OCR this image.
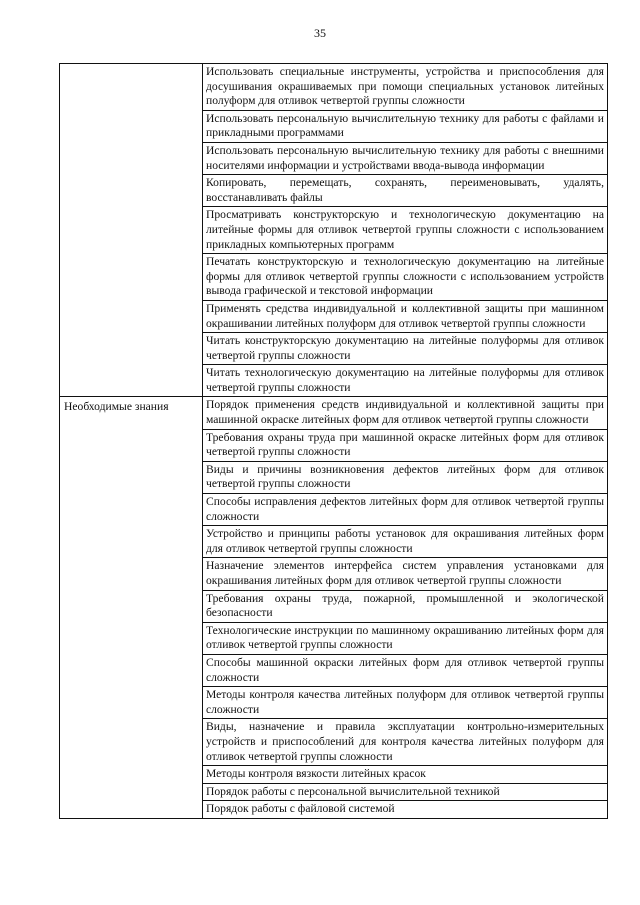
35
	Использовать специальные инструменты, устройства и приспособления для досушивания окрашиваемых при помощи специальных установок литейных полуформ для отливок четвертой группы сложности
	Использовать персональную вычислительную технику для работы с файлами и прикладными программами
	Использовать персональную вычислительную технику для работы с внешними носителями информации и устройствами ввода-вывода информации
	Копировать, перемещать, сохранять, переименовывать, удалять, восстанавливать файлы
	Просматривать конструкторскую и технологическую документацию на литейные формы для отливок четвертой группы сложности с использованием прикладных компьютерных программ
	Печатать конструкторскую и технологическую документацию на литейные формы для отливок четвертой группы сложности с использованием устройств вывода графической и текстовой информации
	Применять средства индивидуальной и коллективной защиты при машинном окрашивании литейных полуформ для отливок четвертой группы сложности
	Читать конструкторскую документацию на литейные полуформы для отливок четвертой группы сложности
	Читать технологическую документацию на литейные полуформы для отливок четвертой группы сложности
Необходимые знания	Порядок применения средств индивидуальной и коллективной защиты при машинной окраске литейных форм для отливок четвертой группы сложности
	Требования охраны труда при машинной окраске литейных форм для отливок четвертой группы сложности
	Виды и причины возникновения дефектов литейных форм для отливок четвертой группы сложности
	Способы исправления дефектов литейных форм для отливок четвертой группы сложности
	Устройство и принципы работы установок для окрашивания литейных форм для отливок четвертой группы сложности
	Назначение элементов интерфейса систем управления установками для окрашивания литейных форм для отливок четвертой группы сложности
	Требования охраны труда, пожарной, промышленной и экологической безопасности
	Технологические инструкции по машинному окрашиванию литейных форм для отливок четвертой группы сложности
	Способы машинной окраски литейных форм для отливок четвертой группы сложности
	Методы контроля качества литейных полуформ для отливок четвертой группы сложности
	Виды, назначение и правила эксплуатации контрольно-измерительных устройств и приспособлений для контроля качества литейных полуформ для отливок четвертой группы сложности
	Методы контроля вязкости литейных красок
	Порядок работы с персональной вычислительной техникой
	Порядок работы с файловой системой
